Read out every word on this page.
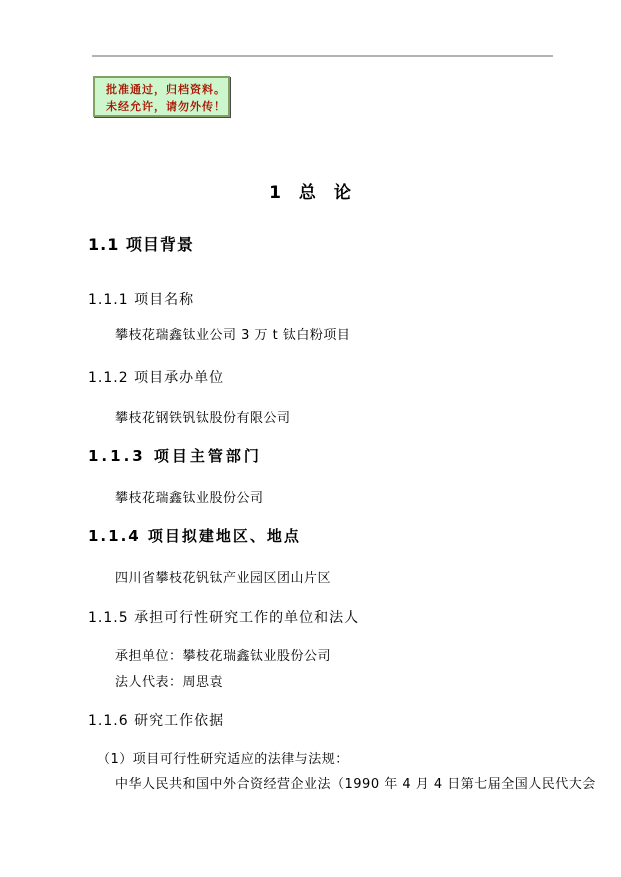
批准通过，归档资料。
未经允许，请勿外传！
1 总 论
1.1 项目背景
1.1.1 项目名称

攀枝花瑞鑫钛业公司 3 万 t 钛白粉项目

1.1.2 项目承办单位

攀枝花钢铁钒钛股份有限公司

1.1.3 项目主管部门

攀枝花瑞鑫钛业股份公司

1.1.4 项目拟建地区、地点

四川省攀枝花钒钛产业园区团山片区

1.1.5 承担可行性研究工作的单位和法人

承担单位：攀枝花瑞鑫钛业股份公司

法人代表：周思袁

1.1.6 研究工作依据

（1）项目可行性研究适应的法律与法规：

中华人民共和国中外合资经营企业法（1990 年 4 月 4 日第七届全国人民代大会
